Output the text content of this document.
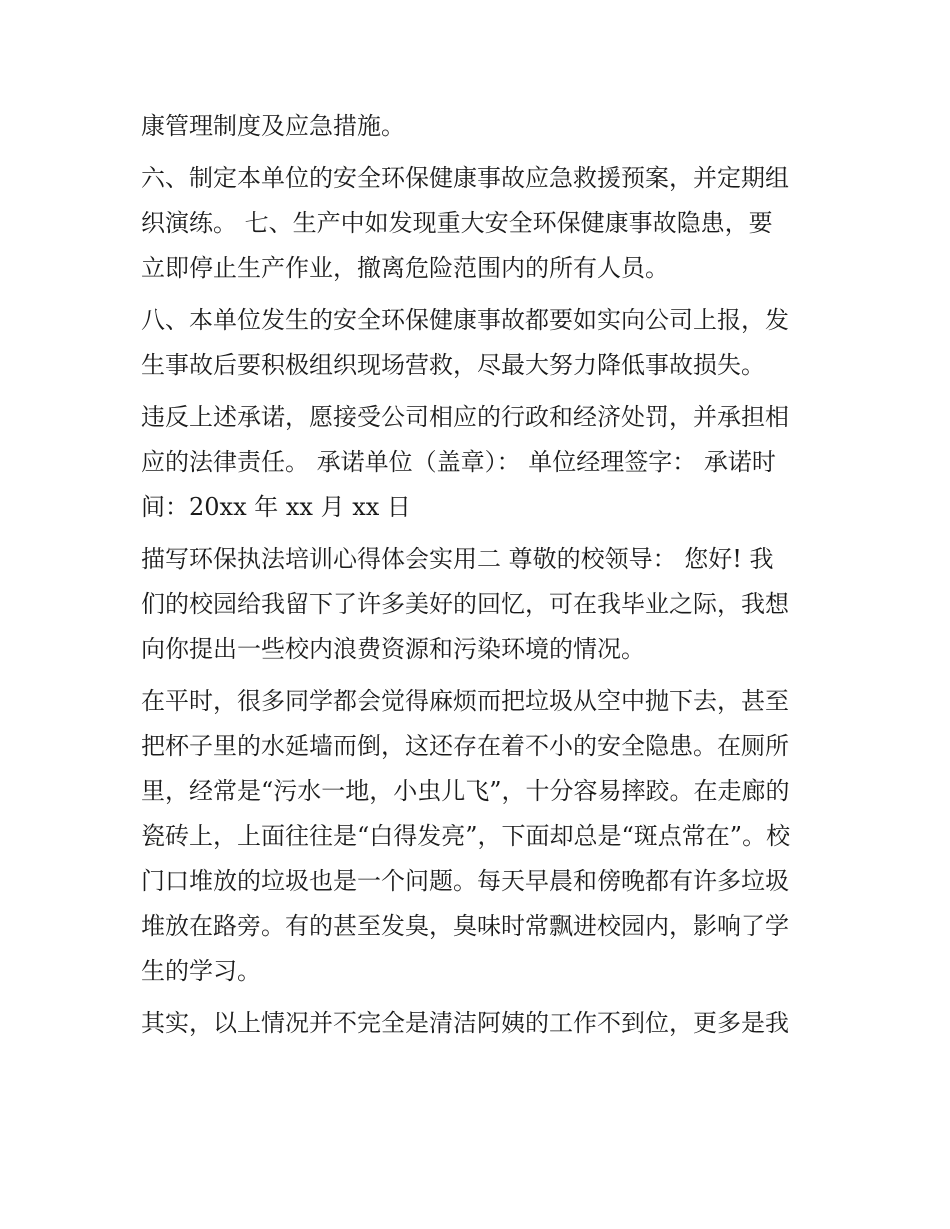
康管理制度及应急措施。
六、制定本单位的安全环保健康事故应急救援预案，并定期组
织演练。 七、生产中如发现重大安全环保健康事故隐患，要
立即停止生产作业，撤离危险范围内的所有人员。
八、本单位发生的安全环保健康事故都要如实向公司上报，发
生事故后要积极组织现场营救，尽最大努力降低事故损失。
违反上述承诺，愿接受公司相应的行政和经济处罚，并承担相
应的法律责任。 承诺单位（盖章）： 单位经理签字： 承诺时
间：20xx 年 xx 月 xx 日
描写环保执法培训心得体会实用二 尊敬的校领导： 您好! 我
们的校园给我留下了许多美好的回忆，可在我毕业之际，我想
向你提出一些校内浪费资源和污染环境的情况。
在平时，很多同学都会觉得麻烦而把垃圾从空中抛下去，甚至
把杯子里的水延墙而倒，这还存在着不小的安全隐患。在厕所
里，经常是“污水一地，小虫儿飞”，十分容易摔跤。在走廊的
瓷砖上，上面往往是“白得发亮”，下面却总是“斑点常在”。校
门口堆放的垃圾也是一个问题。每天早晨和傍晚都有许多垃圾
堆放在路旁。有的甚至发臭，臭味时常飘进校园内，影响了学
生的学习。
其实，以上情况并不完全是清洁阿姨的工作不到位，更多是我
